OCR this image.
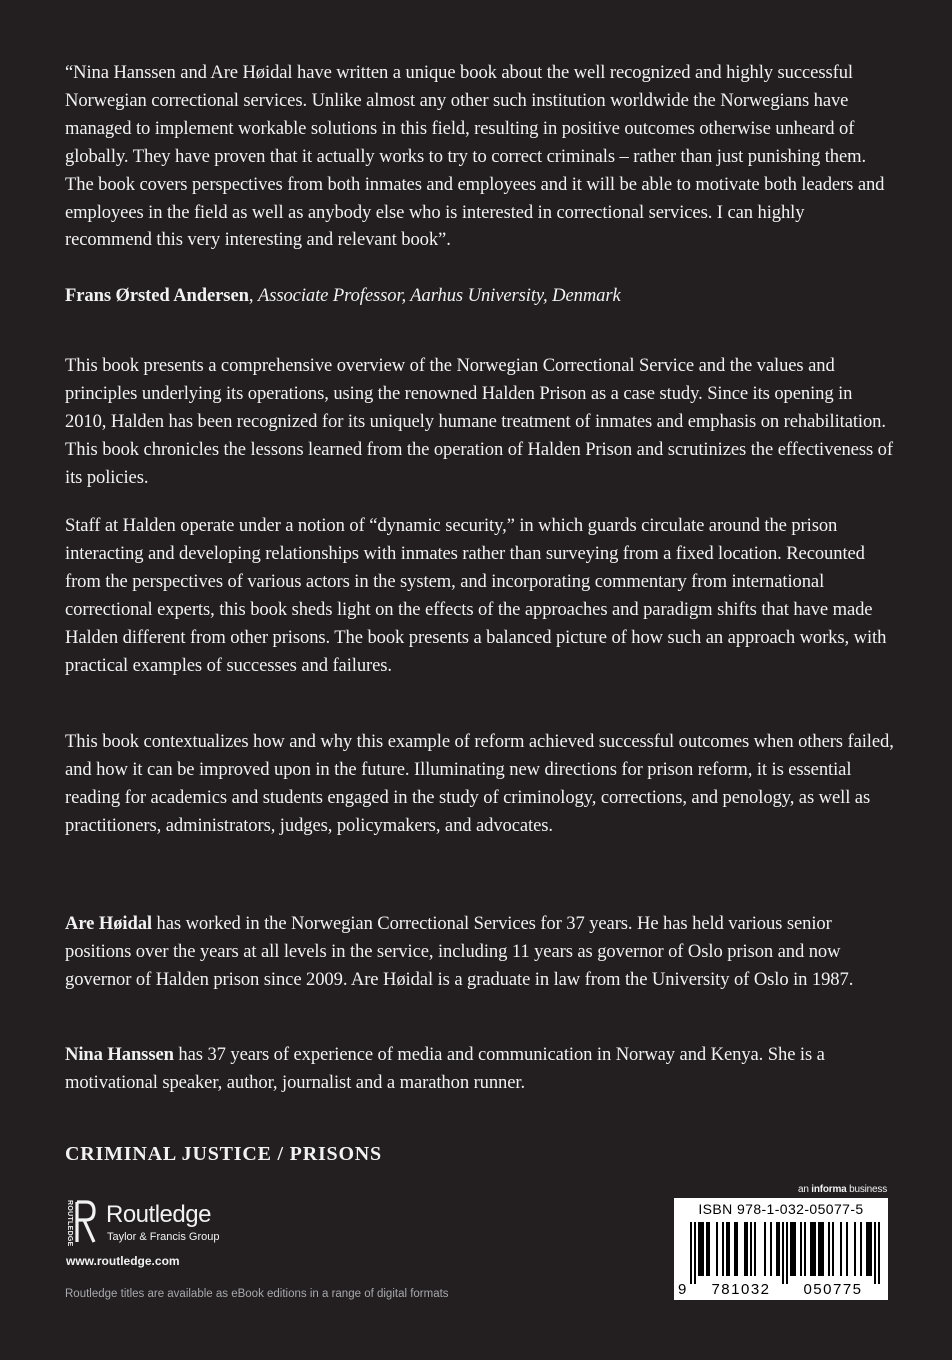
“Nina Hanssen and Are Høidal have written a unique book about the well recognized and highly successful Norwegian correctional services. Unlike almost any other such institution worldwide the Norwegians have managed to implement workable solutions in this field, resulting in positive outcomes otherwise unheard of globally. They have proven that it actually works to try to correct criminals – rather than just punishing them. The book covers perspectives from both inmates and employees and it will be able to motivate both leaders and employees in the field as well as anybody else who is interested in correctional services. I can highly recommend this very interesting and relevant book”.

Frans Ørsted Andersen, Associate Professor, Aarhus University, Denmark

This book presents a comprehensive overview of the Norwegian Correctional Service and the values and principles underlying its operations, using the renowned Halden Prison as a case study. Since its opening in 2010, Halden has been recognized for its uniquely humane treatment of inmates and emphasis on rehabilitation. This book chronicles the lessons learned from the operation of Halden Prison and scrutinizes the effectiveness of its policies.

Staff at Halden operate under a notion of “dynamic security,” in which guards circulate around the prison interacting and developing relationships with inmates rather than surveying from a fixed location. Recounted from the perspectives of various actors in the system, and incorporating commentary from international correctional experts, this book sheds light on the effects of the approaches and paradigm shifts that have made Halden different from other prisons. The book presents a balanced picture of how such an approach works, with practical examples of successes and failures.

This book contextualizes how and why this example of reform achieved successful outcomes when others failed, and how it can be improved upon in the future. Illuminating new directions for prison reform, it is essential reading for academics and students engaged in the study of criminology, corrections, and penology, as well as practitioners, administrators, judges, policymakers, and advocates.

Are Høidal has worked in the Norwegian Correctional Services for 37 years. He has held various senior positions over the years at all levels in the service, including 11 years as governor of Oslo prison and now governor of Halden prison since 2009. Are Høidal is a graduate in law from the University of Oslo in 1987.
Nina Hanssen has 37 years of experience of media and communication in Norway and Kenya. She is a motivational speaker, author, journalist and a marathon runner.
CRIMINAL JUSTICE / PRISONS
ROUTLEDGE Routledge
Taylor & Francis Group
www.routledge.com
Routledge titles are available as eBook editions in a range of digital formats
an informa business
ISBN 978-1-032-05077-5
9 781032 050775
